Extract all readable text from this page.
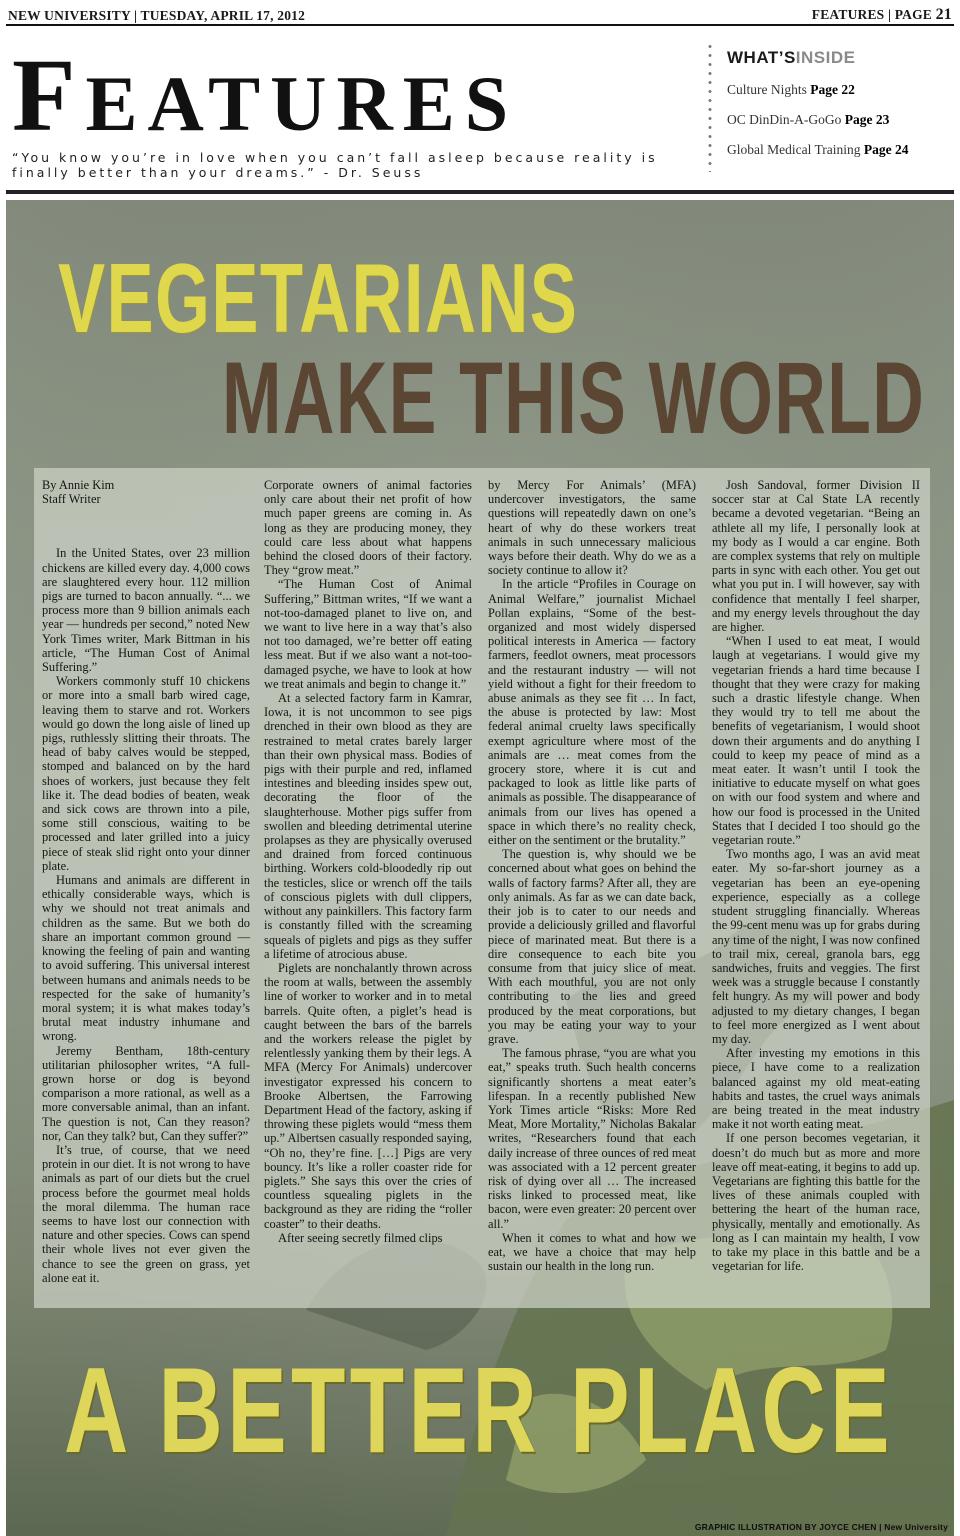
NEW UNIVERSITY | TUESDAY, APRIL 17, 2012	FEATURES | PAGE 21
FEATURES
“You know you’re in love when you can’t fall asleep because reality is finally better than your dreams.” - Dr. Seuss
WHAT’SINSIDE
Culture Nights Page 22
OC DinDin-A-GoGo Page 23
Global Medical Training Page 24
VEGETARIANS
MAKE THIS WORLD

By Annie Kim
Staff Writer

In the United States, over 23 million chickens are killed every day. 4,000 cows are slaughtered every hour. 112 million pigs are turned to bacon annually. “... we process more than 9 billion animals each year — hundreds per second,” noted New York Times writer, Mark Bittman in his article, “The Human Cost of Animal Suffering.”

Workers commonly stuff 10 chickens or more into a small barb wired cage, leaving them to starve and rot. Workers would go down the long aisle of lined up pigs, ruthlessly slitting their throats. The head of baby calves would be stepped, stomped and balanced on by the hard shoes of workers, just because they felt like it. The dead bodies of beaten, weak and sick cows are thrown into a pile, some still conscious, waiting to be processed and later grilled into a juicy piece of steak slid right onto your dinner plate.

Humans and animals are different in ethically considerable ways, which is why we should not treat animals and children as the same. But we both do share an important common ground — knowing the feeling of pain and wanting to avoid suffering. This universal interest between humans and animals needs to be respected for the sake of humanity’s moral system; it is what makes today’s brutal meat industry inhumane and wrong.

Jeremy Bentham, 18th-century utilitarian philosopher writes, “A full-grown horse or dog is beyond comparison a more rational, as well as a more conversable animal, than an infant. The question is not, Can they reason? nor, Can they talk? but, Can they suffer?”

It’s true, of course, that we need protein in our diet. It is not wrong to have animals as part of our diets but the cruel process before the gourmet meal holds the moral dilemma. The human race seems to have lost our connection with nature and other species. Cows can spend their whole lives not ever given the chance to see the green on grass, yet alone eat it.

Corporate owners of animal factories only care about their net profit of how much paper greens are coming in. As long as they are producing money, they could care less about what happens behind the closed doors of their factory. They “grow meat.”

“The Human Cost of Animal Suffering,” Bittman writes, “If we want a not-too-damaged planet to live on, and we want to live here in a way that’s also not too damaged, we’re better off eating less meat. But if we also want a not-too-damaged psyche, we have to look at how we treat animals and begin to change it.”

At a selected factory farm in Kamrar, Iowa, it is not uncommon to see pigs drenched in their own blood as they are restrained to metal crates barely larger than their own physical mass. Bodies of pigs with their purple and red, inflamed intestines and bleeding insides spew out, decorating the floor of the slaughterhouse. Mother pigs suffer from swollen and bleeding detrimental uterine prolapses as they are physically overused and drained from forced continuous birthing. Workers cold-bloodedly rip out the testicles, slice or wrench off the tails of conscious piglets with dull clippers, without any painkillers. This factory farm is constantly filled with the screaming squeals of piglets and pigs as they suffer a lifetime of atrocious abuse.

Piglets are nonchalantly thrown across the room at walls, between the assembly line of worker to worker and in to metal barrels. Quite often, a piglet’s head is caught between the bars of the barrels and the workers release the piglet by relentlessly yanking them by their legs. A MFA (Mercy For Animals) undercover investigator expressed his concern to Brooke Albertsen, the Farrowing Department Head of the factory, asking if throwing these piglets would “mess them up.” Albertsen casually responded saying, “Oh no, they’re fine. […] Pigs are very bouncy. It’s like a roller coaster ride for piglets.” She says this over the cries of countless squealing piglets in the background as they are riding the “roller coaster” to their deaths.

After seeing secretly filmed clips

by Mercy For Animals’ (MFA) undercover investigators, the same questions will repeatedly dawn on one’s heart of why do these workers treat animals in such unnecessary malicious ways before their death. Why do we as a society continue to allow it?

In the article “Profiles in Courage on Animal Welfare,” journalist Michael Pollan explains, “Some of the best-organized and most widely dispersed political interests in America — factory farmers, feedlot owners, meat processors and the restaurant industry — will not yield without a fight for their freedom to abuse animals as they see fit … In fact, the abuse is protected by law: Most federal animal cruelty laws specifically exempt agriculture where most of the animals are … meat comes from the grocery store, where it is cut and packaged to look as little like parts of animals as possible. The disappearance of animals from our lives has opened a space in which there’s no reality check, either on the sentiment or the brutality.”

The question is, why should we be concerned about what goes on behind the walls of factory farms? After all, they are only animals. As far as we can date back, their job is to cater to our needs and provide a deliciously grilled and flavorful piece of marinated meat. But there is a dire consequence to each bite you consume from that juicy slice of meat. With each mouthful, you are not only contributing to the lies and greed produced by the meat corporations, but you may be eating your way to your grave.

The famous phrase, “you are what you eat,” speaks truth. Such health concerns significantly shortens a meat eater’s lifespan. In a recently published New York Times article “Risks: More Red Meat, More Mortality,” Nicholas Bakalar writes, “Researchers found that each daily increase of three ounces of red meat was associated with a 12 percent greater risk of dying over all … The increased risks linked to processed meat, like bacon, were even greater: 20 percent over all.”

When it comes to what and how we eat, we have a choice that may help sustain our health in the long run.

Josh Sandoval, former Division II soccer star at Cal State LA recently became a devoted vegetarian. “Being an athlete all my life, I personally look at my body as I would a car engine. Both are complex systems that rely on multiple parts in sync with each other. You get out what you put in. I will however, say with confidence that mentally I feel sharper, and my energy levels throughout the day are higher.

“When I used to eat meat, I would laugh at vegetarians. I would give my vegetarian friends a hard time because I thought that they were crazy for making such a drastic lifestyle change. When they would try to tell me about the benefits of vegetarianism, I would shoot down their arguments and do anything I could to keep my peace of mind as a meat eater. It wasn’t until I took the initiative to educate myself on what goes on with our food system and where and how our food is processed in the United States that I decided I too should go the vegetarian route.”

Two months ago, I was an avid meat eater. My so-far-short journey as a vegetarian has been an eye-opening experience, especially as a college student struggling financially. Whereas the 99-cent menu was up for grabs during any time of the night, I was now confined to trail mix, cereal, granola bars, egg sandwiches, fruits and veggies. The first week was a struggle because I constantly felt hungry. As my will power and body adjusted to my dietary changes, I began to feel more energized as I went about my day.

After investing my emotions in this piece, I have come to a realization balanced against my old meat-eating habits and tastes, the cruel ways animals are being treated in the meat industry make it not worth eating meat.

If one person becomes vegetarian, it doesn’t do much but as more and more leave off meat-eating, it begins to add up. Vegetarians are fighting this battle for the lives of these animals coupled with bettering the heart of the human race, physically, mentally and emotionally. As long as I can maintain my health, I vow to take my place in this battle and be a vegetarian for life.

A BETTER PLACE
GRAPHIC ILLUSTRATION BY JOYCE CHEN | New University
